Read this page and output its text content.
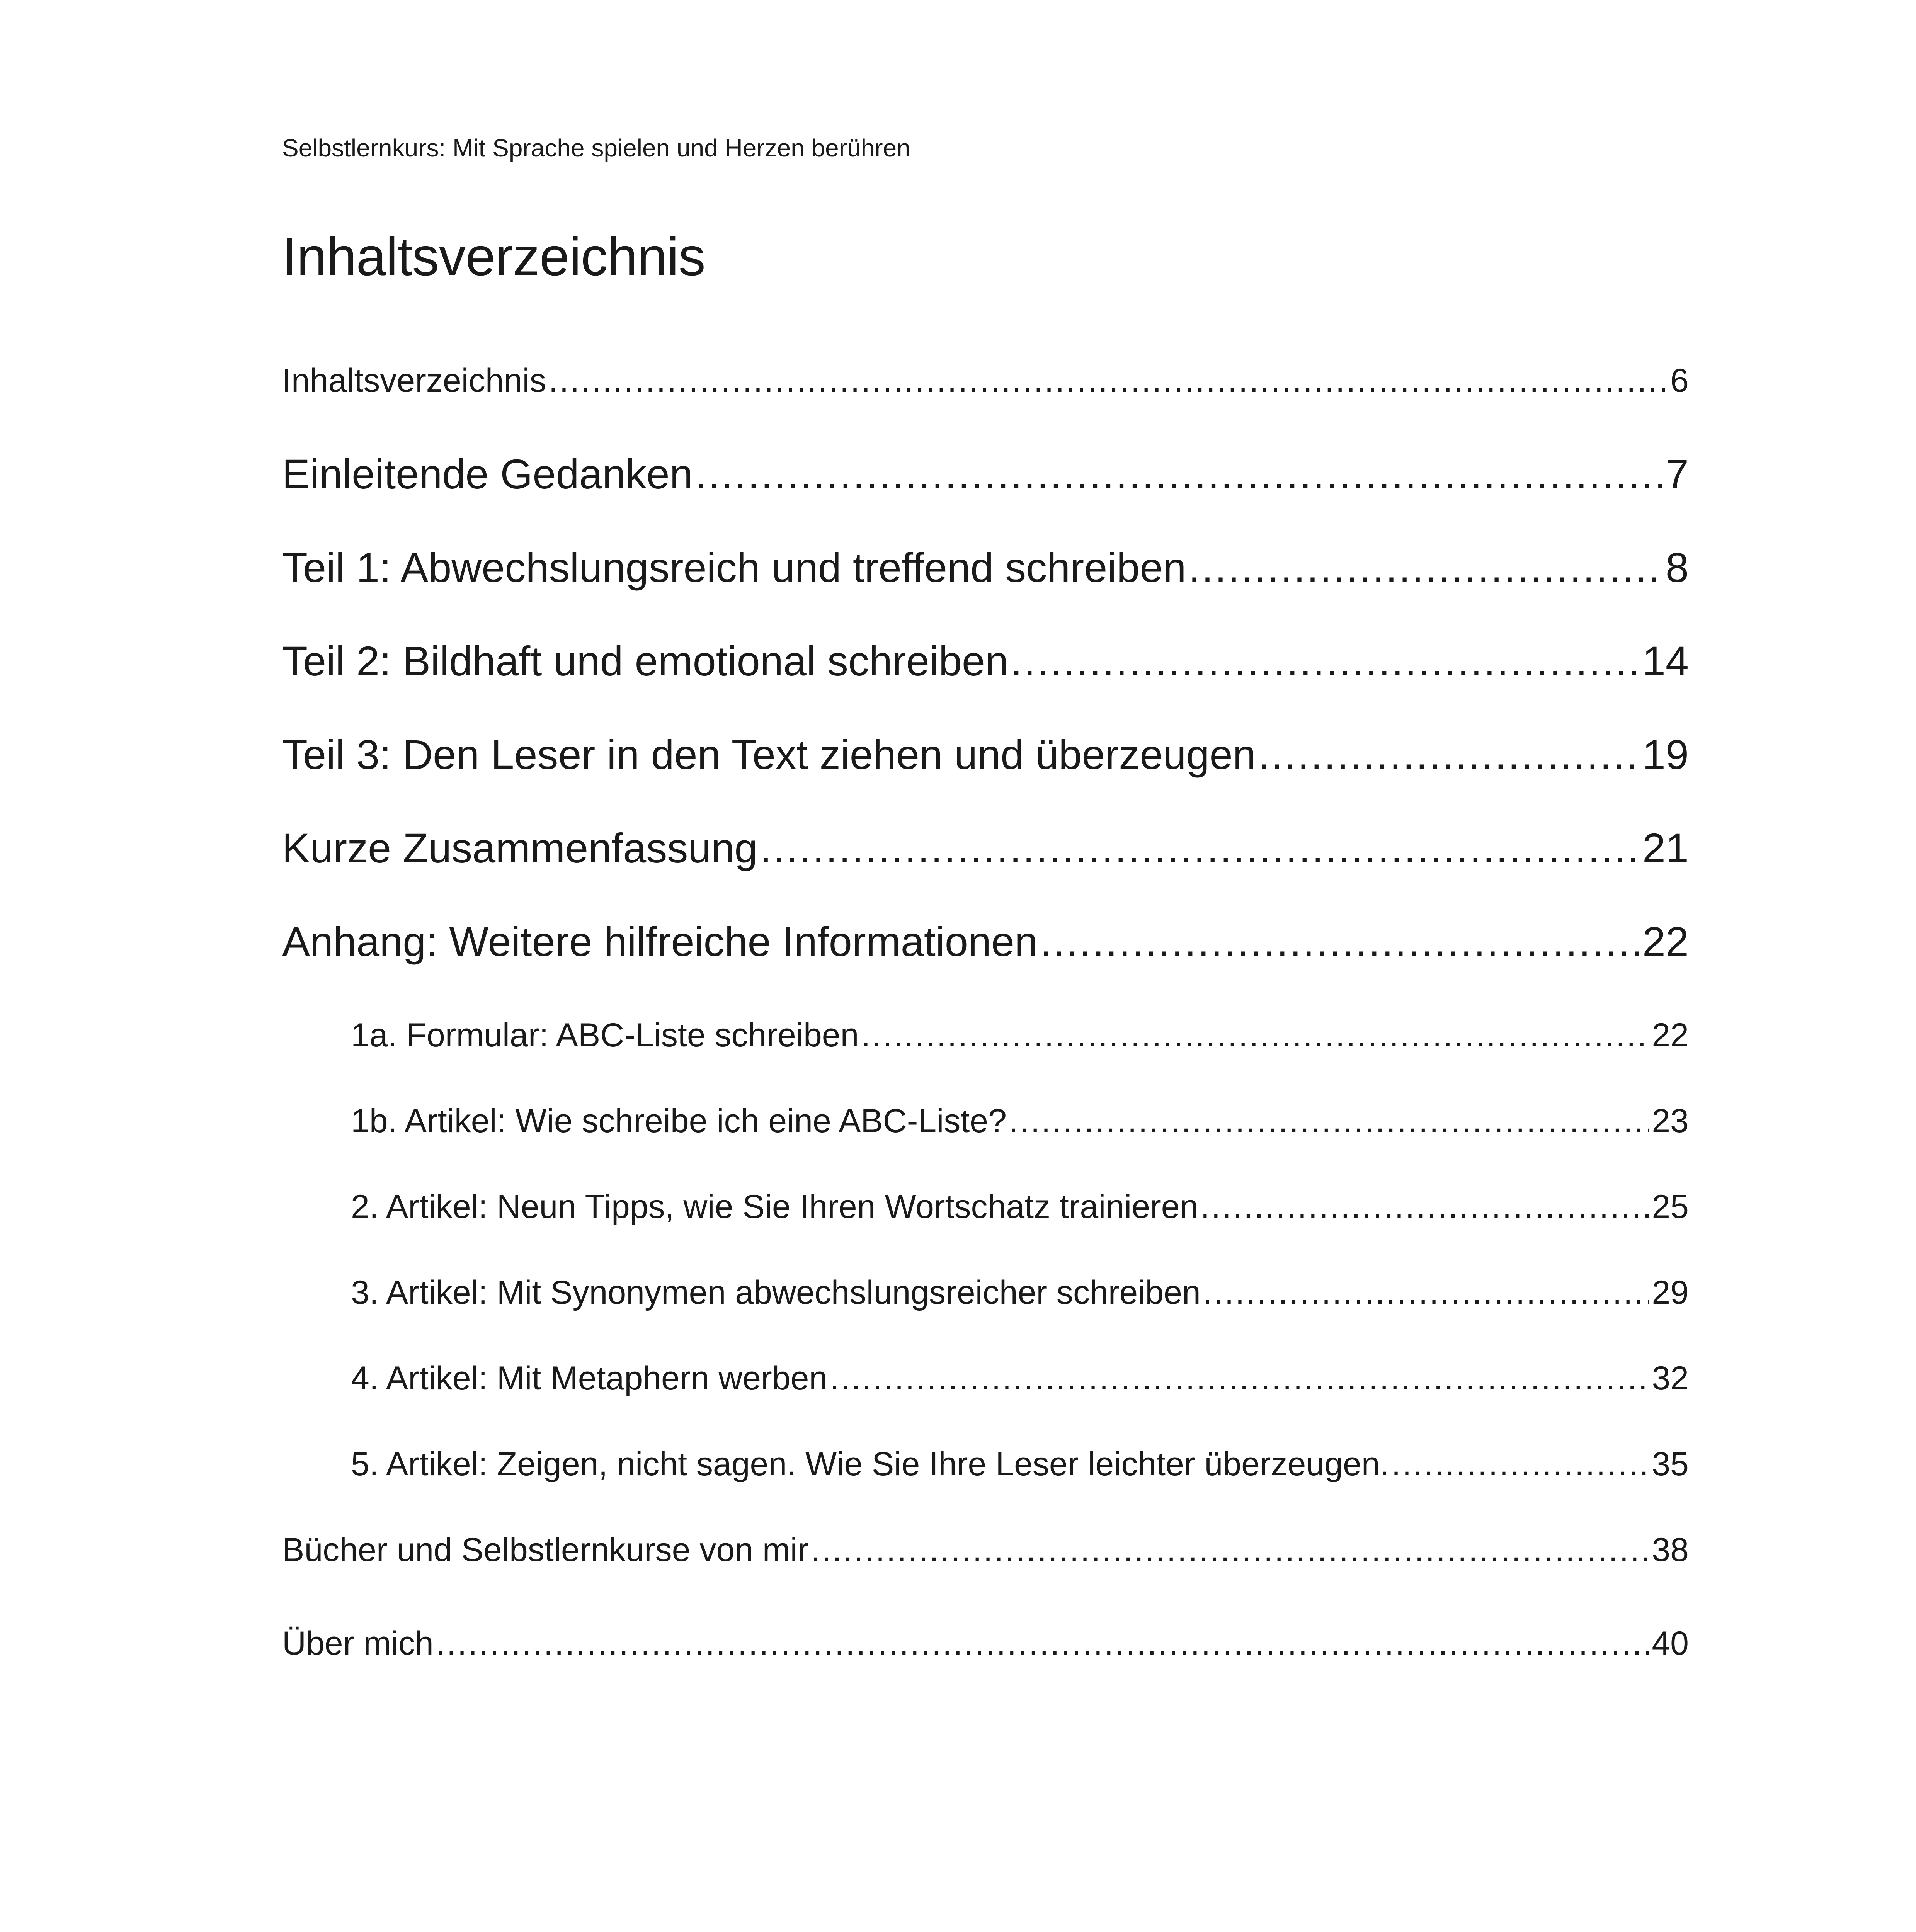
Selbstlernkurs: Mit Sprache spielen und Herzen berühren
Inhaltsverzeichnis
Inhaltsverzeichnis .....	6
Einleitende Gedanken .....	7
Teil 1: Abwechslungsreich und treffend schreiben .....	8
Teil 2: Bildhaft und emotional schreiben .....	14
Teil 3: Den Leser in den Text ziehen und überzeugen .....	19
Kurze Zusammenfassung .....	21
Anhang: Weitere hilfreiche Informationen .....	22
1a. Formular: ABC-Liste schreiben .....	22
1b. Artikel: Wie schreibe ich eine ABC-Liste? .....	23
2. Artikel: Neun Tipps, wie Sie Ihren Wortschatz trainieren .....	25
3. Artikel: Mit Synonymen abwechslungsreicher schreiben .....	29
4. Artikel: Mit Metaphern werben .....	32
5. Artikel: Zeigen, nicht sagen. Wie Sie Ihre Leser leichter überzeugen. .....	35
Bücher und Selbstlernkurse von mir .....	38
Über mich .....	40
